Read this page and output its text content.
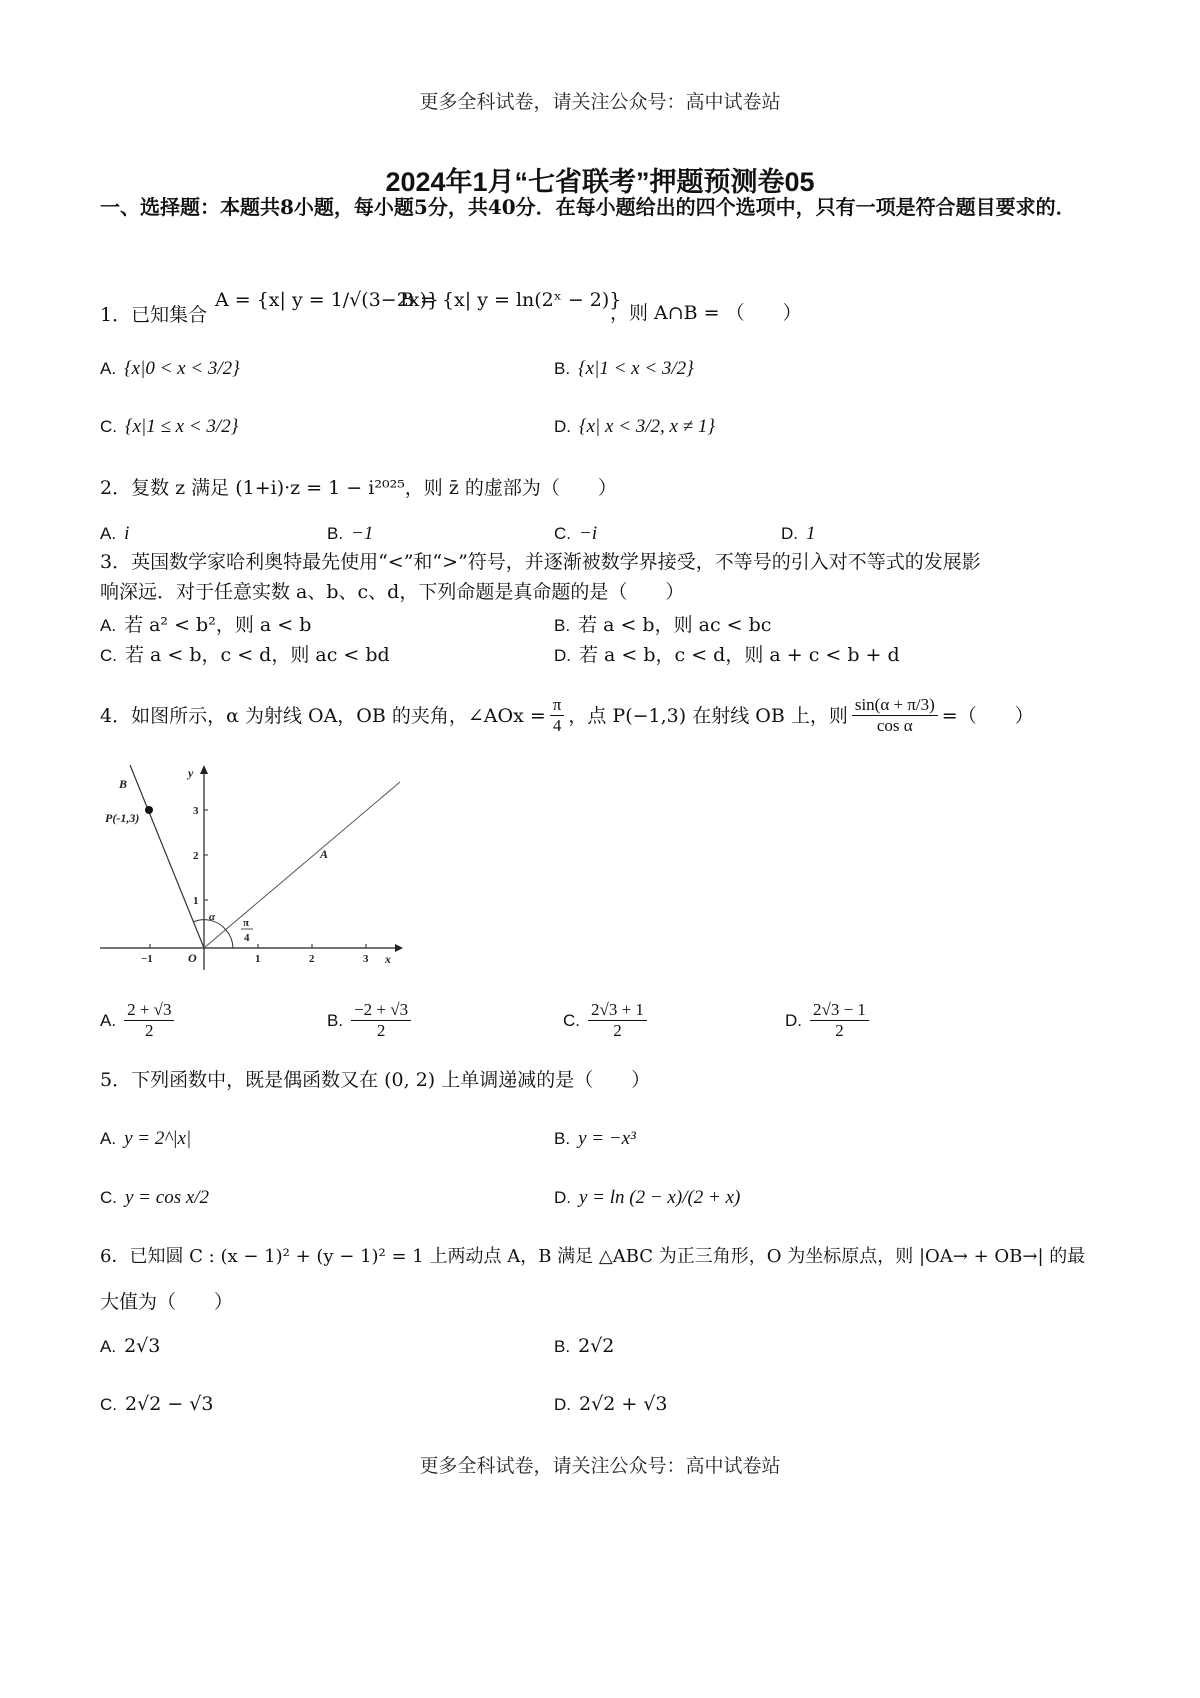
更多全科试卷，请关注公众号：高中试卷站
2024年1月“七省联考”押题预测卷05
一、选择题：本题共8小题，每小题5分，共40分．在每小题给出的四个选项中，只有一项是符合题目要求的．
1．已知集合
A = {x| y = 1/√(3−2x)}
B = {x| y = ln(2ˣ − 2)}
，则 A∩B = （　　）
A. {x|0 < x < 3/2}	B. {x|1 < x < 3/2}
C. {x|1 ≤ x < 3/2}	D. {x| x < 3/2, x ≠ 1}
2．复数 z 满足 (1+i)·z = 1 − i²⁰²⁵，则 z̄ 的虚部为（　　）
A. i	B. −1	C. −i	D. 1
3．英国数学家哈利奥特最先使用“<”和“>”符号，并逐渐被数学界接受，不等号的引入对不等式的发展影
响深远．对于任意实数 a、b、c、d，下列命题是真命题的是（　　）
A. 若 a² < b²，则 a < b	B. 若 a < b，则 ac < bc
C. 若 a < b，c < d，则 ac < bd	D. 若 a < b，c < d，则 a + c < b + d
4．如图所示，α 为射线 OA，OB 的夹角，∠AOx = $\frac{\pi}{4}$ ，点 P(−1,3) 在射线 OB 上，则 $\frac{\sin(\alpha + \pi/3)}{\text{cos α}}$ =（　　）
B
P(-1,3)
A
O	x
y
α	π
4
−1	1	2	3
1
2
3
A. $\frac{2 + √3}{2}$	B. $\frac{-2 + √3}{2}$	C. $\frac{2√3 + 1}{2}$	D. $\frac{2√3 - 1}{2}$
5．下列函数中，既是偶函数又在 (0, 2) 上单调递减的是（　　）
A. y = 2^|x|	B. y = −x³
C. y = cos x/2	D. y = ln (2 − x)/(2 + x)
6．已知圆 C : (x − 1)² + (y − 1)² = 1 上两动点 A，B 满足 △ABC 为正三角形，O 为坐标原点，则 |OA→ + OB→| 的最
大值为（　　）
A. 2√3	B. 2√2
C. 2√2 − √3	D. 2√2 + √3
更多全科试卷，请关注公众号：高中试卷站
